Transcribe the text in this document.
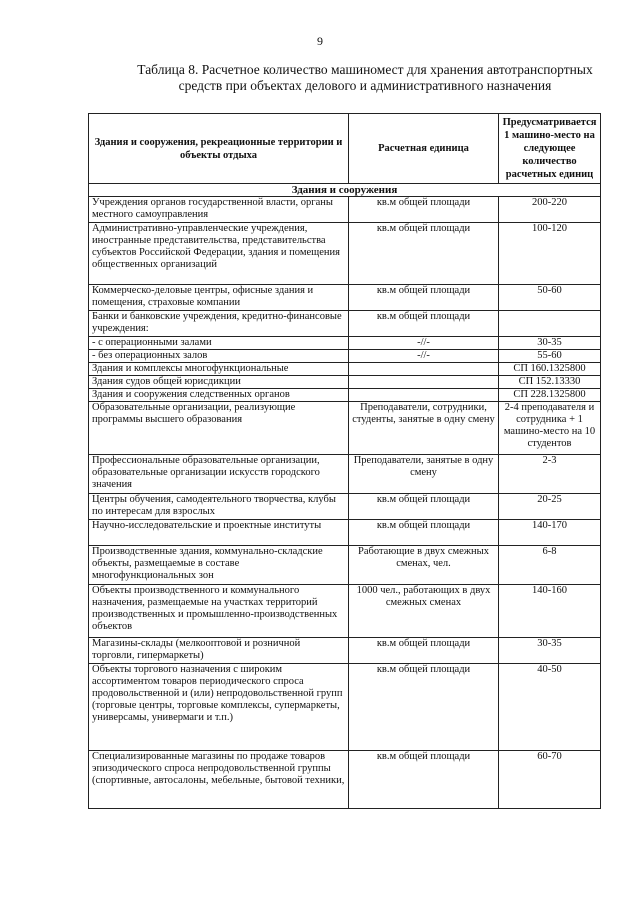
9
Таблица 8. Расчетное количество машиномест для хранения автотранспортных средств при объектах делового и административного назначения
Здания и сооружения, рекреационные территории и объекты отдыха	Расчетная единица	Предусматривается 1 машино-место на следующее количество расчетных единиц
Здания и сооружения		
Учреждения органов государственной власти, органы местного самоуправления	кв.м общей площади	200-220
Административно-управленческие учреждения, иностранные представительства, представительства субъектов Российской Федерации, здания и помещения общественных организаций	кв.м общей площади	100-120
Коммерческо-деловые центры, офисные здания и помещения, страховые компании	кв.м общей площади	50-60
Банки и банковские учреждения, кредитно-финансовые учреждения:	кв.м общей площади	
- с операционными залами	-//-	30-35
- без операционных залов	-//-	55-60
Здания и комплексы многофункциональные		СП 160.1325800
Здания судов общей юрисдикции		СП 152.13330
Здания и сооружения следственных органов		СП 228.1325800
Образовательные организации, реализующие программы высшего образования	Преподаватели, сотрудники, студенты, занятые в одну смену	2-4 преподавателя и сотрудника + 1 машино-место на 10 студентов
Профессиональные образовательные организации, образовательные организации искусств городского значения	Преподаватели, занятые в одну смену	2-3
Центры обучения, самодеятельного творчества, клубы по интересам для взрослых	кв.м общей площади	20-25
Научно-исследовательские и проектные институты	кв.м общей площади	140-170
Производственные здания, коммунально-складские объекты, размещаемые в составе многофункциональных зон	Работающие в двух смежных сменах, чел.	6-8
Объекты производственного и коммунального назначения, размещаемые на участках территорий производственных и промышленно-производственных объектов	1000 чел., работающих в двух смежных сменах	140-160
Магазины-склады (мелкооптовой и розничной торговли, гипермаркеты)	кв.м общей площади	30-35
Объекты торгового назначения с широким ассортиментом товаров периодического спроса продовольственной и (или) непродовольственной групп (торговые центры, торговые комплексы, супермаркеты, универсамы, универмаги и т.п.)	кв.м общей площади	40-50
Специализированные магазины по продаже товаров эпизодического спроса непродовольственной группы (спортивные, автосалоны, мебельные, бытовой техники,	кв.м общей площади	60-70
